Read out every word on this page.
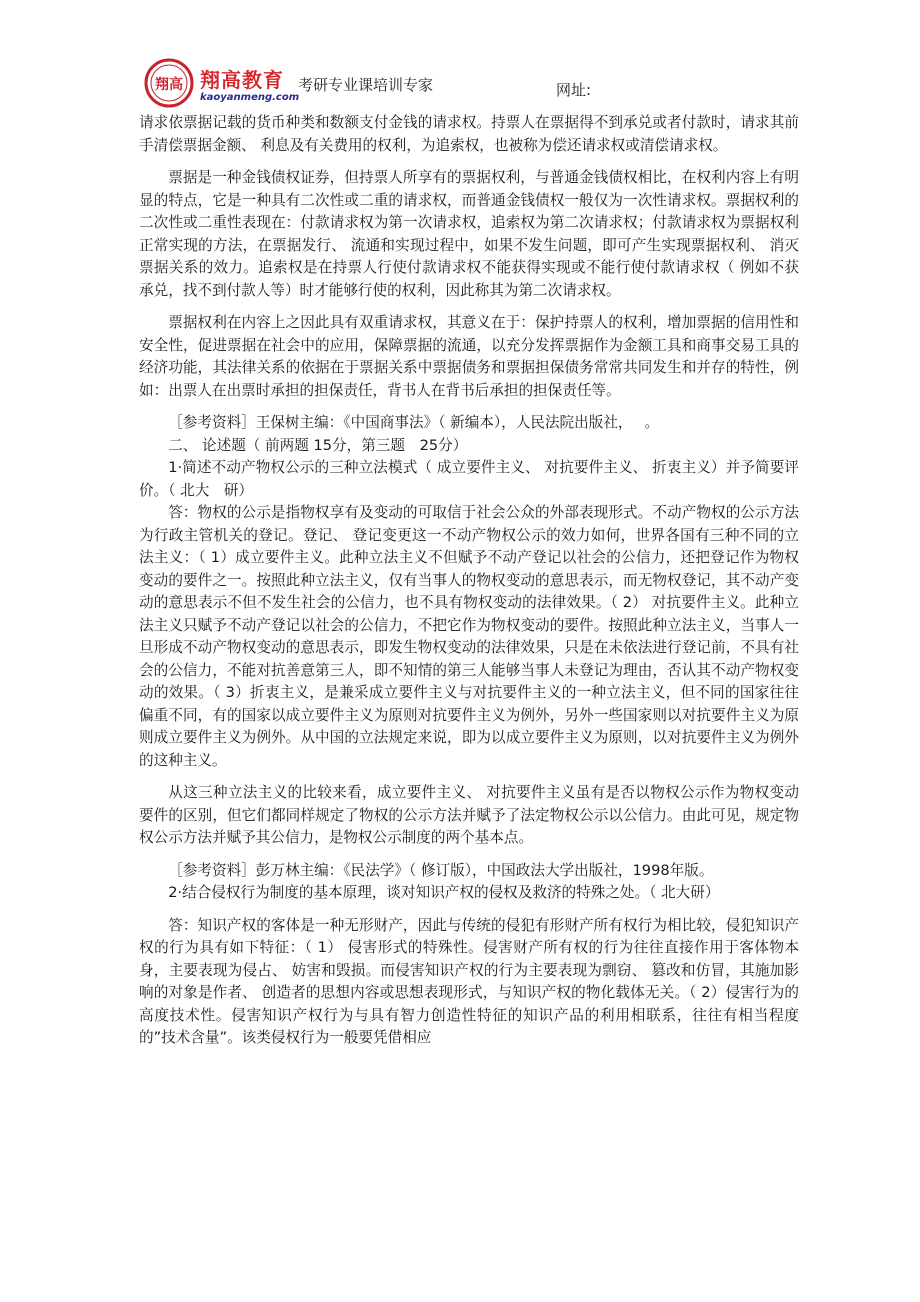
翔高 翔高教育
kaoyanmeng.com
考研专业课培训专家	网址:

请求依票据记载的货币种类和数额支付金钱的请求权。持票人在票据得不到承兑或者付款时，请求其前手清偿票据金额、 利息及有关费用的权利，为追索权，也被称为偿还请求权或清偿请求权。

票据是一种金钱债权证券，但持票人所享有的票据权利，与普通金钱债权相比，在权利内容上有明显的特点，它是一种具有二次性或二重的请求权，而普通金钱债权一般仅为一次性请求权。票据权利的二次性或二重性表现在：付款请求权为第一次请求权，追索权为第二次请求权；付款请求权为票据权利正常实现的方法，在票据发行、 流通和实现过程中，如果不发生问题，即可产生实现票据权利、 消灭票据关系的效力。追索权是在持票人行使付款请求权不能获得实现或不能行使付款请求权（ 例如不获承兑，找不到付款人等）时才能够行使的权利，因此称其为第二次请求权。

票据权利在内容上之因此具有双重请求权，其意义在于：保护持票人的权利，增加票据的信用性和安全性，促进票据在社会中的应用，保障票据的流通，以充分发挥票据作为金额工具和商事交易工具的经济功能，其法律关系的依据在于票据关系中票据债务和票据担保债务常常共同发生和并存的特性，例如：出票人在出票时承担的担保责任，背书人在背书后承担的担保责任等。

［参考资料］王保树主编：《中国商事法》（ 新编本），人民法院出版社，　 。

二、 论述题（ 前两题 15分，第三题　25分）

1·简述不动产物权公示的三种立法模式（ 成立要件主义、 对抗要件主义、 折衷主义）并予简要评价。（ 北大　研）

答：物权的公示是指物权享有及变动的可取信于社会公众的外部表现形式。不动产物权的公示方法为行政主管机关的登记。登记、 登记变更这一不动产物权公示的效力如何，世界各国有三种不同的立法主义：（ 1）成立要件主义。此种立法主义不但赋予不动产登记以社会的公信力，还把登记作为物权变动的要件之一。按照此种立法主义，仅有当事人的物权变动的意思表示，而无物权登记，其不动产变动的意思表示不但不发生社会的公信力，也不具有物权变动的法律效果。（ 2） 对抗要件主义。此种立法主义只赋予不动产登记以社会的公信力，不把它作为物权变动的要件。按照此种立法主义，当事人一旦形成不动产物权变动的意思表示，即发生物权变动的法律效果，只是在未依法进行登记前，不具有社会的公信力，不能对抗善意第三人，即不知情的第三人能够当事人未登记为理由，否认其不动产物权变动的效果。（ 3）折衷主义，是兼采成立要件主义与对抗要件主义的一种立法主义，但不同的国家往往偏重不同，有的国家以成立要件主义为原则对抗要件主义为例外，另外一些国家则以对抗要件主义为原则成立要件主义为例外。从中国的立法规定来说，即为以成立要件主义为原则，以对抗要件主义为例外的这种主义。

从这三种立法主义的比较来看，成立要件主义、 对抗要件主义虽有是否以物权公示作为物权变动要件的区别，但它们都同样规定了物权的公示方法并赋予了法定物权公示以公信力。由此可见，规定物权公示方法并赋予其公信力，是物权公示制度的两个基本点。

［参考资料］彭万林主编：《民法学》（ 修订版），中国政法大学出版社，1998年版。

2·结合侵权行为制度的基本原理，谈对知识产权的侵权及救济的特殊之处。（ 北大研）

答：知识产权的客体是一种无形财产，因此与传统的侵犯有形财产所有权行为相比较，侵犯知识产权的行为具有如下特征：（ 1） 侵害形式的特殊性。侵害财产所有权的行为往往直接作用于客体物本身，主要表现为侵占、 妨害和毁损。而侵害知识产权的行为主要表现为剽窃、 篡改和仿冒，其施加影响的对象是作者、 创造者的思想内容或思想表现形式，与知识产权的物化载体无关。（ 2）侵害行为的高度技术性。侵害知识产权行为与具有智力创造性特征的知识产品的利用相联系，往往有相当程度的”技术含量”。该类侵权行为一般要凭借相应
